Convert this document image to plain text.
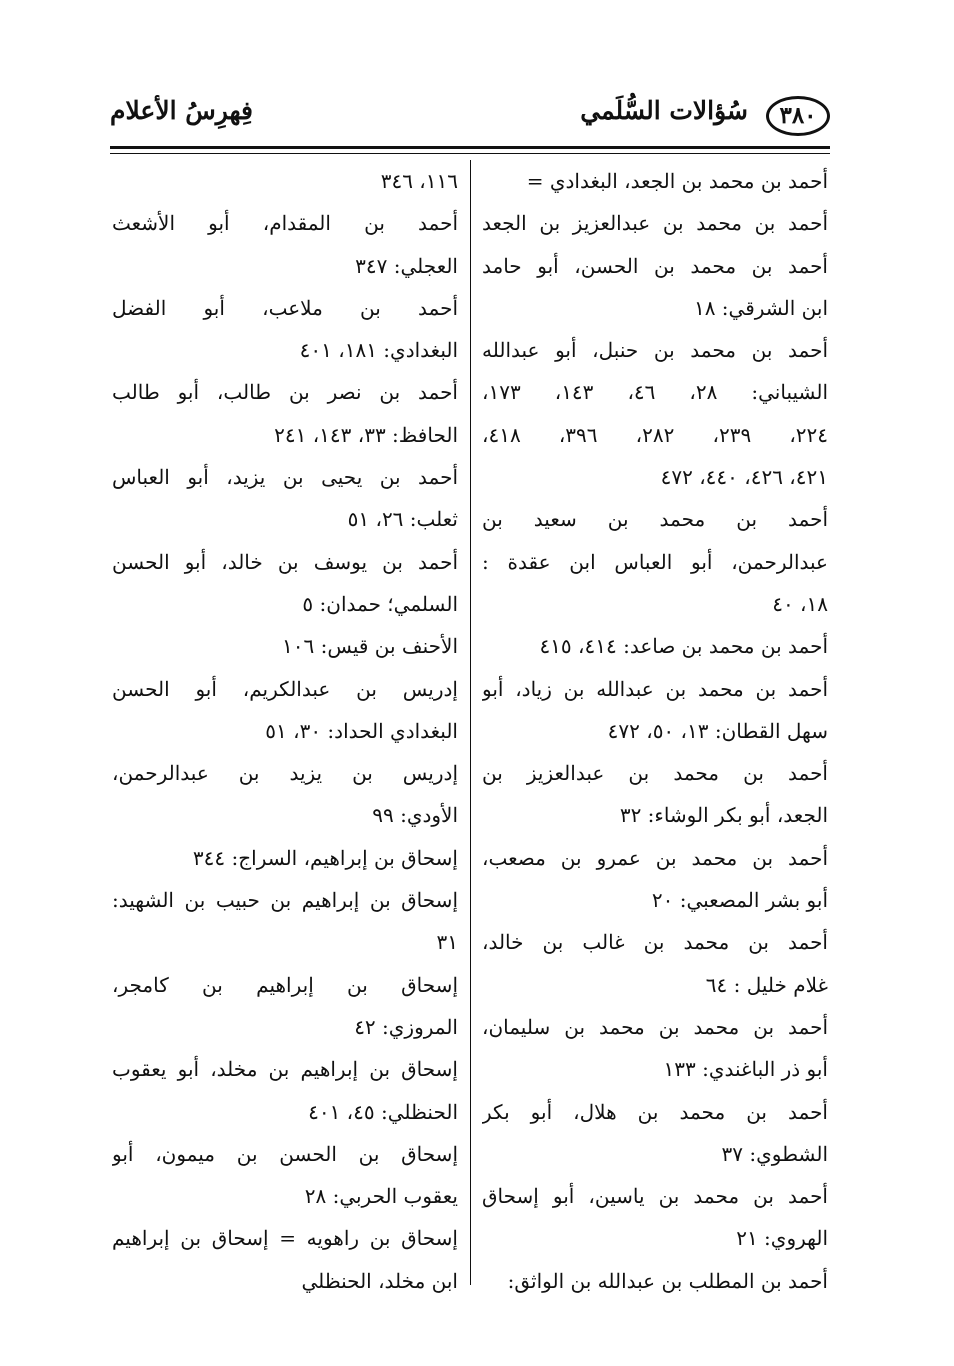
٣٨٠
سُؤالات السُّلَمي
فِهرِسُ الأعلام
أحمد بن محمد بن الجعد، البغدادي =
أحمد بن محمد بن عبدالعزيز بن الجعد
أحمد بن محمد بن الحسن، أبو حامد
ابن الشرقي: ١٨
أحمد بن محمد بن حنبل، أبو عبدالله
الشيباني: ٢٨، ٤٦، ١٤٣، ١٧٣،
٢٢٤، ٢٣٩، ٢٨٢، ٣٩٦، ٤١٨،
٤٢١، ٤٢٦، ٤٤٠، ٤٧٢
أحمد بن محمد بن سعيد بن
عبدالرحمن، أبو العباس ابن عقدة :
١٨، ٤٠
أحمد بن محمد بن صاعد: ٤١٤، ٤١٥
أحمد بن محمد بن عبدالله بن زياد، أبو
سهل القطان: ١٣، ٥٠، ٤٧٢
أحمد بن محمد بن عبدالعزيز بن
الجعد، أبو بكر الوشاء: ٣٢
أحمد بن محمد بن عمرو بن مصعب،
أبو بشر المصعبي: ٢٠
أحمد بن محمد بن غالب بن خالد،
غلام خليل : ٦٤
أحمد بن محمد بن محمد بن سليمان،
أبو ذر الباغندي: ١٣٣
أحمد بن محمد بن هلال، أبو بكر
الشطوي: ٣٧
أحمد بن محمد بن ياسين، أبو إسحاق
الهروي: ٢١
أحمد بن المطلب بن عبدالله بن الواثق:
١١٦، ٣٤٦
أحمد بن المقدام، أبو الأشعث
العجلي: ٣٤٧
أحمد بن ملاعب، أبو الفضل
البغدادي: ١٨١، ٤٠١
أحمد بن نصر بن طالب، أبو طالب
الحافظ: ٣٣، ١٤٣، ٢٤١
أحمد بن يحيى بن يزيد، أبو العباس
ثعلب: ٢٦، ٥١
أحمد بن يوسف بن خالد، أبو الحسن
السلمي؛ حمدان: ٥
الأحنف بن قيس: ١٠٦
إدريس بن عبدالكريم، أبو الحسن
البغدادي الحداد: ٣٠، ٥١
إدريس بن يزيد بن عبدالرحمن،
الأودي: ٩٩
إسحاق بن إبراهيم، السراج: ٣٤٤
إسحاق بن إبراهيم بن حبيب بن الشهيد:
٣١
إسحاق بن إبراهيم بن كامجر،
المروزي: ٤٢
إسحاق بن إبراهيم بن مخلد، أبو يعقوب
الحنظلي: ٤٥، ٤٠١
إسحاق بن الحسن بن ميمون، أبو
يعقوب الحربي: ٢٨
إسحاق بن راهويه = إسحاق بن إبراهيم
ابن مخلد، الحنظلي
